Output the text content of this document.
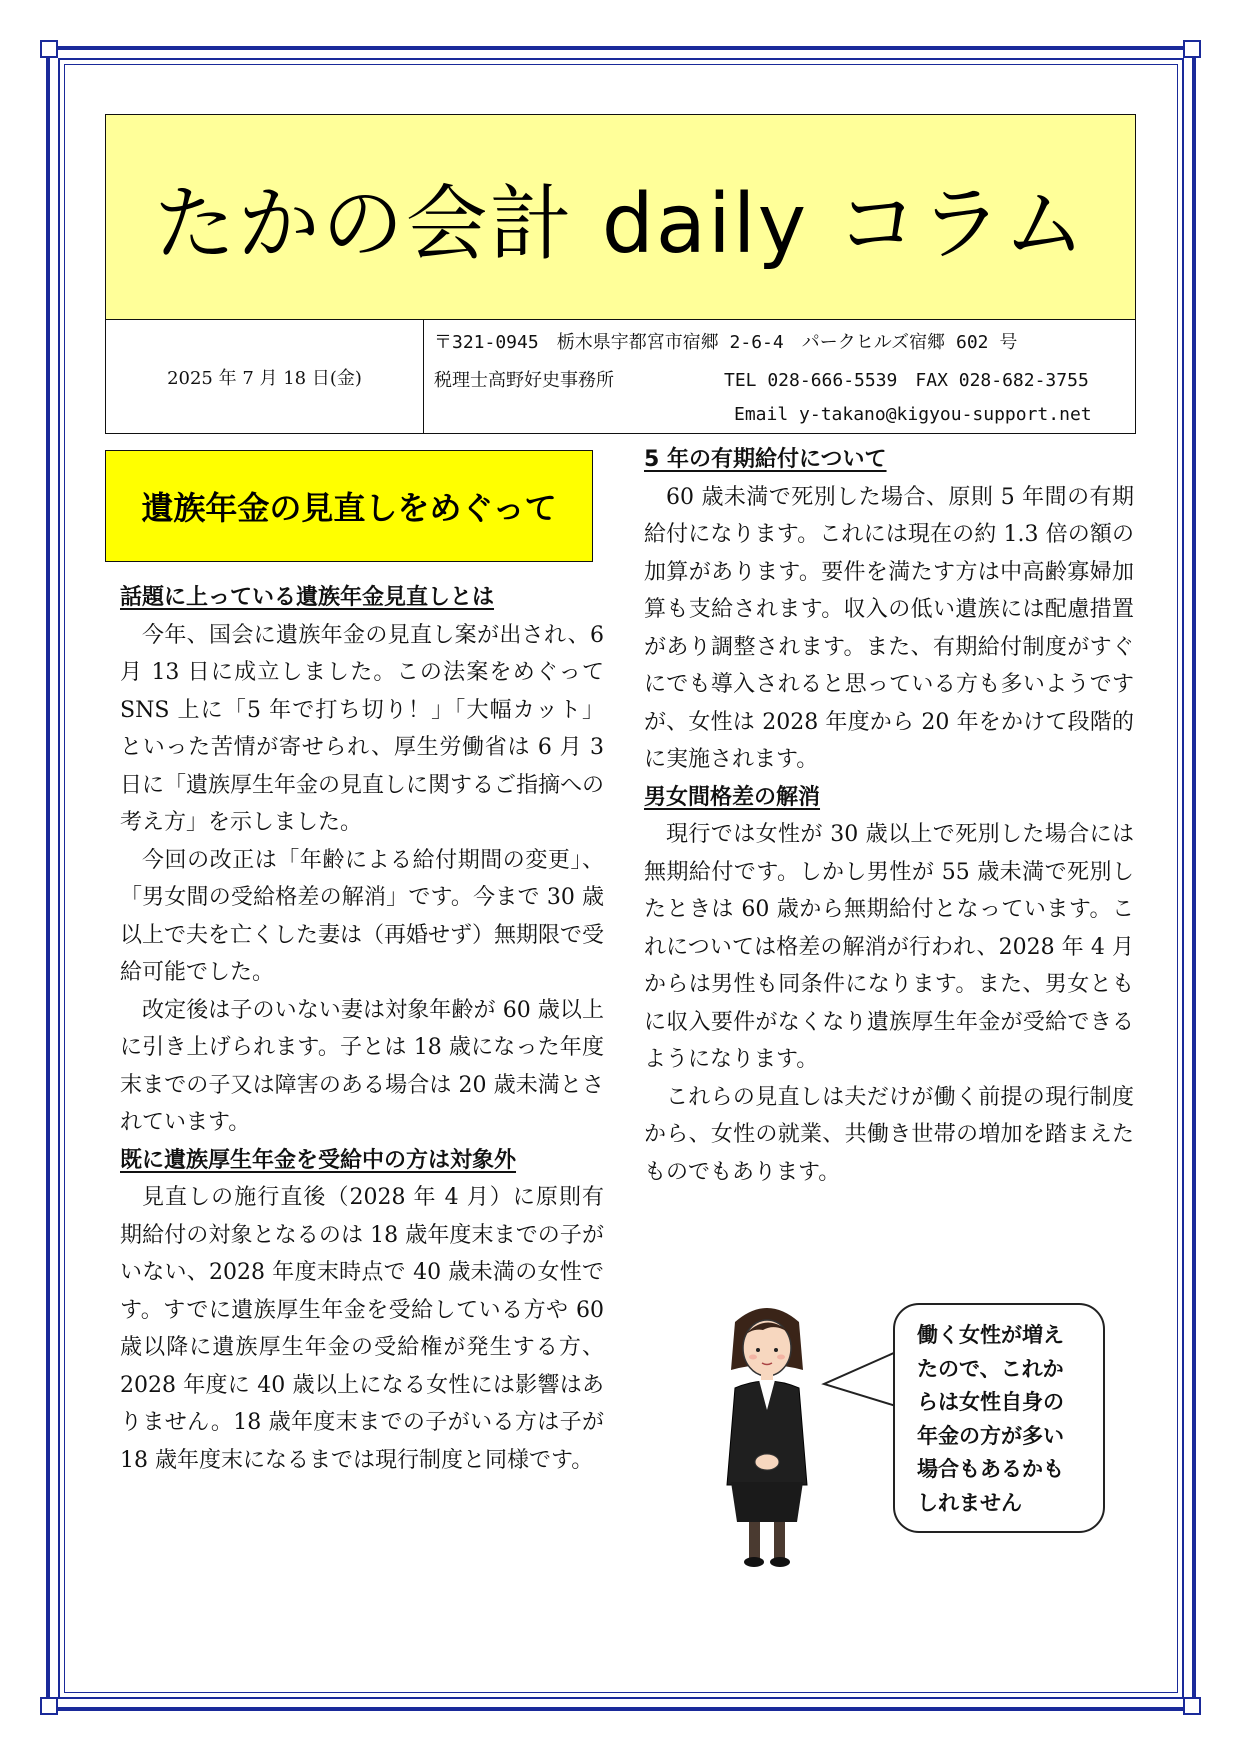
たかの会計 daily コラム
2025 年 7 月 18 日(金)
〒321-0945　栃木県宇都宮市宿郷 2-6-4　パークヒルズ宿郷 602 号
税理士高野好史事務所	TEL 028-666-5539　FAX 028-682-3755
Email y-takano@kigyou-support.net
遺族年金の見直しをめぐって
話題に上っている遺族年金見直しとは

今年、国会に遺族年金の見直し案が出され、6 月 13 日に成立しました。この法案をめぐって SNS 上に「5 年で打ち切り！」「大幅カット」といった苦情が寄せられ、厚生労働省は 6 月 3 日に「遺族厚生年金の見直しに関するご指摘への考え方」を示しました。

今回の改正は「年齢による給付期間の変更」、「男女間の受給格差の解消」です。今まで 30 歳以上で夫を亡くした妻は（再婚せず）無期限で受給可能でした。

改定後は子のいない妻は対象年齢が 60 歳以上に引き上げられます。子とは 18 歳になった年度末までの子又は障害のある場合は 20 歳未満とされています。

既に遺族厚生年金を受給中の方は対象外

見直しの施行直後（2028 年 4 月）に原則有期給付の対象となるのは 18 歳年度末までの子がいない、2028 年度末時点で 40 歳未満の女性です。すでに遺族厚生年金を受給している方や 60 歳以降に遺族厚生年金の受給権が発生する方、2028 年度に 40 歳以上になる女性には影響はありません。18 歳年度末までの子がいる方は子が 18 歳年度末になるまでは現行制度と同様です。

5 年の有期給付について

60 歳未満で死別した場合、原則 5 年間の有期給付になります。これには現在の約 1.3 倍の額の加算があります。要件を満たす方は中高齢寡婦加算も支給されます。収入の低い遺族には配慮措置があり調整されます。また、有期給付制度がすぐにでも導入されると思っている方も多いようですが、女性は 2028 年度から 20 年をかけて段階的に実施されます。

男女間格差の解消

現行では女性が 30 歳以上で死別した場合には無期給付です。しかし男性が 55 歳未満で死別したときは 60 歳から無期給付となっています。これについては格差の解消が行われ、2028 年 4 月からは男性も同条件になります。また、男女ともに収入要件がなくなり遺族厚生年金が受給できるようになります。

これらの見直しは夫だけが働く前提の現行制度から、女性の就業、共働き世帯の増加を踏まえたものでもあります。

働く女性が増え
たので、これか
らは女性自身の
年金の方が多い
場合もあるかも
しれません
